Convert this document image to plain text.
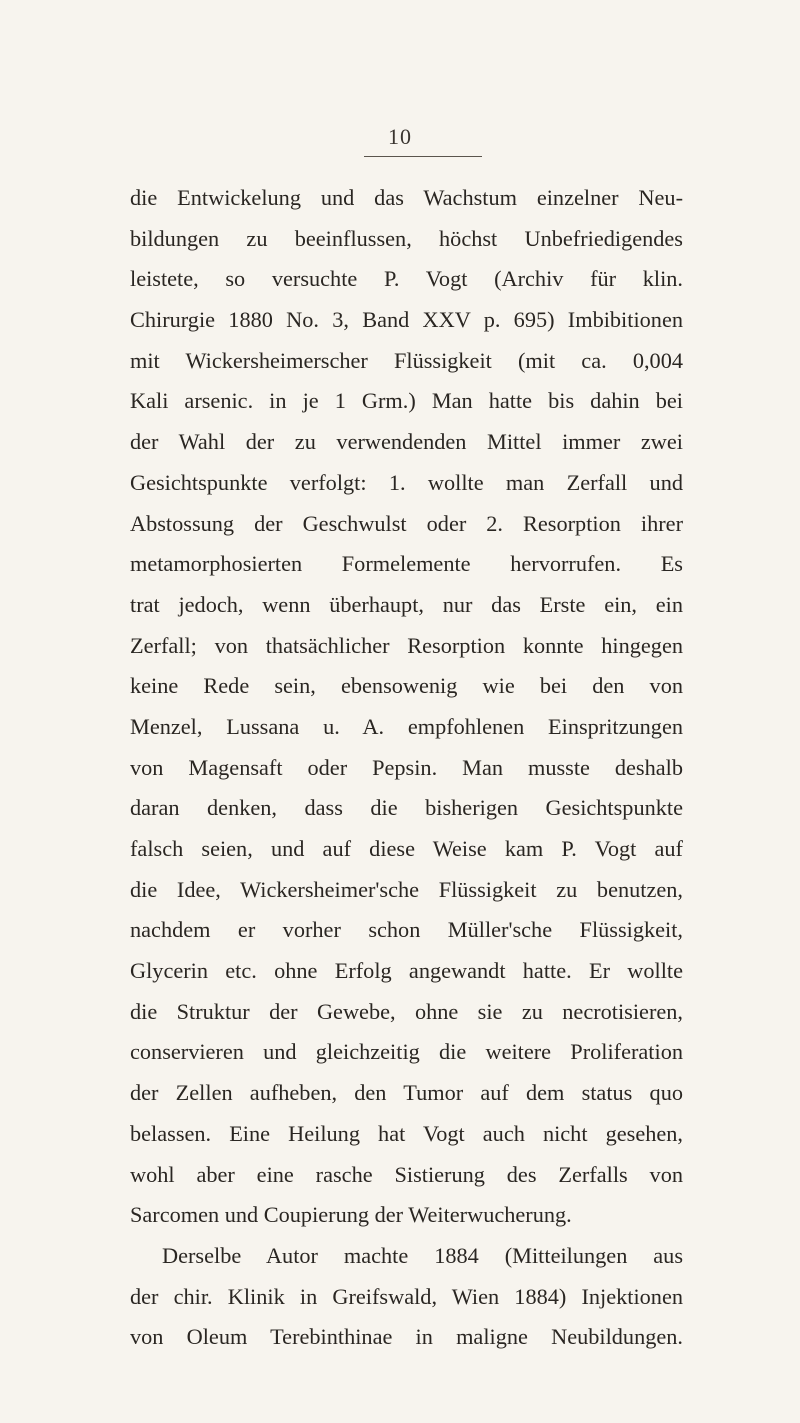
10
die Entwickelung und das Wachstum einzelner Neu-
bildungen zu beeinflussen, höchst Unbefriedigendes
leistete, so versuchte P. Vogt (Archiv für klin.
Chirurgie 1880 No. 3, Band XXV p. 695) Imbibitionen
mit Wickersheimerscher Flüssigkeit (mit ca. 0,004
Kali arsenic. in je 1 Grm.) Man hatte bis dahin bei
der Wahl der zu verwendenden Mittel immer zwei
Gesichtspunkte verfolgt: 1. wollte man Zerfall und
Abstossung der Geschwulst oder 2. Resorption ihrer
metamorphosierten Formelemente hervorrufen. Es
trat jedoch, wenn überhaupt, nur das Erste ein, ein
Zerfall; von thatsächlicher Resorption konnte hingegen
keine Rede sein, ebensowenig wie bei den von
Menzel, Lussana u. A. empfohlenen Einspritzungen
von Magensaft oder Pepsin. Man musste deshalb
daran denken, dass die bisherigen Gesichtspunkte
falsch seien, und auf diese Weise kam P. Vogt auf
die Idee, Wickersheimer'sche Flüssigkeit zu benutzen,
nachdem er vorher schon Müller'sche Flüssigkeit,
Glycerin etc. ohne Erfolg angewandt hatte. Er wollte
die Struktur der Gewebe, ohne sie zu necrotisieren,
conservieren und gleichzeitig die weitere Proliferation
der Zellen aufheben, den Tumor auf dem status quo
belassen. Eine Heilung hat Vogt auch nicht gesehen,
wohl aber eine rasche Sistierung des Zerfalls von
Sarcomen und Coupierung der Weiterwucherung.
Derselbe Autor machte 1884 (Mitteilungen aus
der chir. Klinik in Greifswald, Wien 1884) Injektionen
von Oleum Terebinthinae in maligne Neubildungen.
